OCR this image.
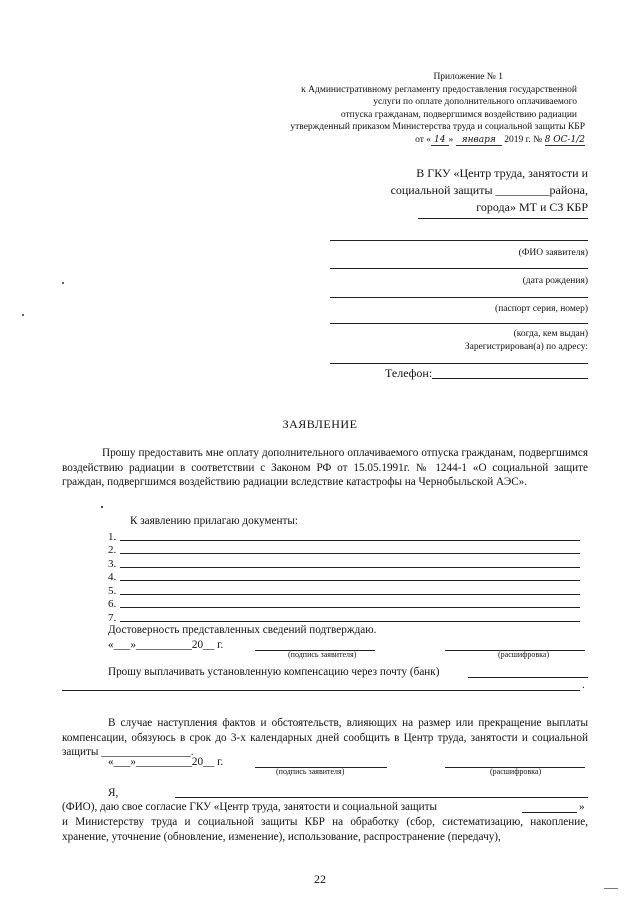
Приложение № 1
к Административному регламенту предоставления государственной
услуги по оплате дополнительного оплачиваемого
отпуска гражданам, подвергшимся воздействию радиации
утвержденный приказом Министерства труда и социальной защиты КБР
от « 14 » января 2019 г. № 8 ОС-1/2
В ГКУ «Центр труда, занятости и
социальной защиты _________района,
города» МТ и СЗ КБР
(ФИО заявителя)
(дата рождения)
(паспорт серия, номер)
(когда, кем выдан)
Зарегистрирован(а) по адресу:
Телефон:
ЗАЯВЛЕНИЕ
Прошу предоставить мне оплату дополнительного оплачиваемого отпуска гражданам, подвергшимся воздействию радиации в соответствии с Законом РФ от 15.05.1991г. № 1244-1 «О социальной защите граждан, подвергшимся воздействию радиации вследствие катастрофы на Чернобыльской АЭС».
К заявлению прилагаю документы:
1.
2.
3.
4.
5.
6.
7.
Достоверность представленных сведений подтверждаю.
«___»__________20__ г.
(подпись заявителя)	(расшифровка)
Прошу выплачивать установленную компенсацию через почту (банк)
.
В случае наступления фактов и обстоятельств, влияющих на размер или прекращение выплаты компенсации, обязуюсь в срок до 3-х календарных дней сообщить в Центр труда, занятости и социальной защиты ________________.
«___»__________20__ г.
(подпись заявителя)	(расшифровка)
Я,
(ФИО), даю свое согласие ГКУ «Центр труда, занятости и социальной защиты	»
и Министерству труда и социальной защиты КБР на обработку (сбор, систематизацию, накопление, хранение, уточнение (обновление, изменение), использование, распространение (передачу),
22
